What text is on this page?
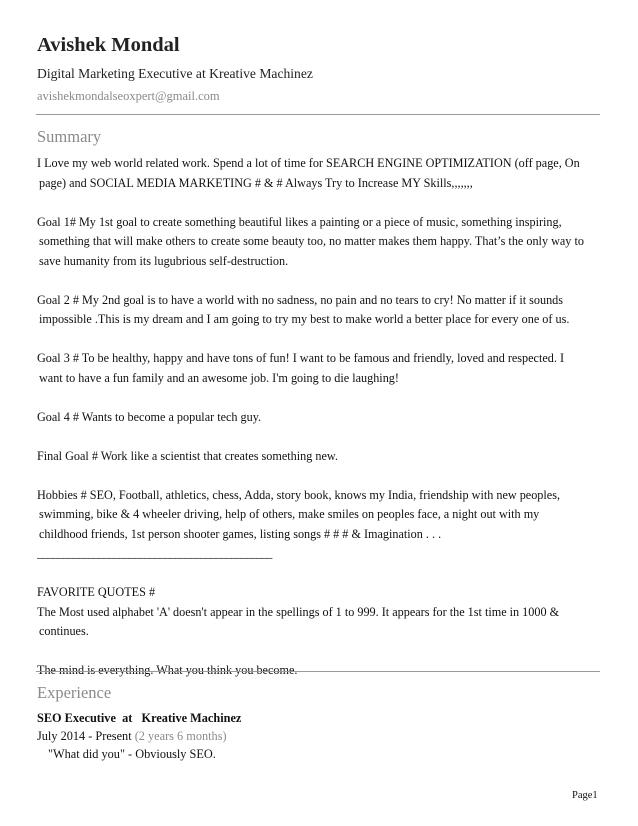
Avishek Mondal
Digital Marketing Executive at Kreative Machinez
avishekmondalseoxpert@gmail.com
Summary

I Love my web world related work. Spend a lot of time for SEARCH ENGINE OPTIMIZATION (off page, On
page) and SOCIAL MEDIA MARKETING # & # Always Try to Increase MY Skills,,,,,,,

Goal 1# My 1st goal to create something beautiful likes a painting or a piece of music, something inspiring,
something that will make others to create some beauty too, no matter makes them happy. That’s the only way to
save humanity from its lugubrious self-destruction.

Goal 2 # My 2nd goal is to have a world with no sadness, no pain and no tears to cry! No matter if it sounds
impossible .This is my dream and I am going to try my best to make world a better place for every one of us.

Goal 3 # To be healthy, happy and have tons of fun! I want to be famous and friendly, loved and respected. I
want to have a fun family and an awesome job. I'm going to die laughing!

Goal 4 # Wants to become a popular tech guy.

Final Goal # Work like a scientist that creates something new.

Hobbies # SEO, Football, athletics, chess, Adda, story book, knows my India, friendship with new peoples,
swimming, bike & 4 wheeler driving, help of others, make smiles on peoples face, a night out with my
childhood friends, 1st person shooter games, listing songs # # # & Imagination . . .
______________________________________________

FAVORITE QUOTES #
The Most used alphabet 'A' doesn't appear in the spellings of 1 to 999. It appears for the 1st time in 1000 &
continues.

The mind is everything. What you think you become.

Experience
SEO Executive at Kreative Machinez
July 2014 - Present (2 years 6 months)
"What did you" - Obviously SEO.
Page1
